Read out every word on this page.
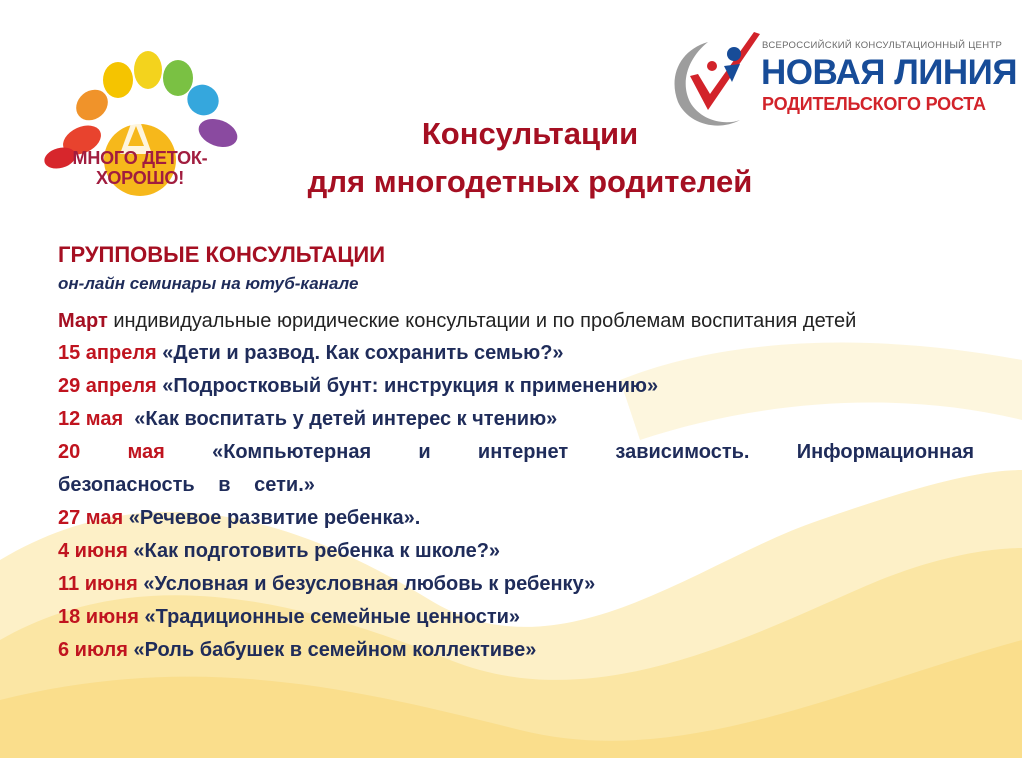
МНОГО ДЕТОК-
ХОРОШО!
ВСЕРОССИЙСКИЙ КОНСУЛЬТАЦИОННЫЙ ЦЕНТР
НОВАЯ ЛИНИЯ
РОДИТЕЛЬСКОГО РОСТА
Консультации
для многодетных родителей

ГРУППОВЫЕ КОНСУЛЬТАЦИИ

он-лайн семинары на ютуб-канале

Март индивидуальные юридические консультации и по проблемам воспитания детей

15 апреля «Дети и развод. Как сохранить семью?»
29 апреля «Подростковый бунт: инструкция к применению»
12 мая  «Как воспитать у детей интерес к чтению»
20 мая «Компьютерная и интернет зависимость. Информационная безопасность в сети.»
27 мая «Речевое развитие ребенка».
4 июня «Как подготовить ребенка к школе?»
11 июня «Условная и безусловная любовь к ребенку»
18 июня «Традиционные семейные ценности»
6 июля «Роль бабушек в семейном коллективе»
